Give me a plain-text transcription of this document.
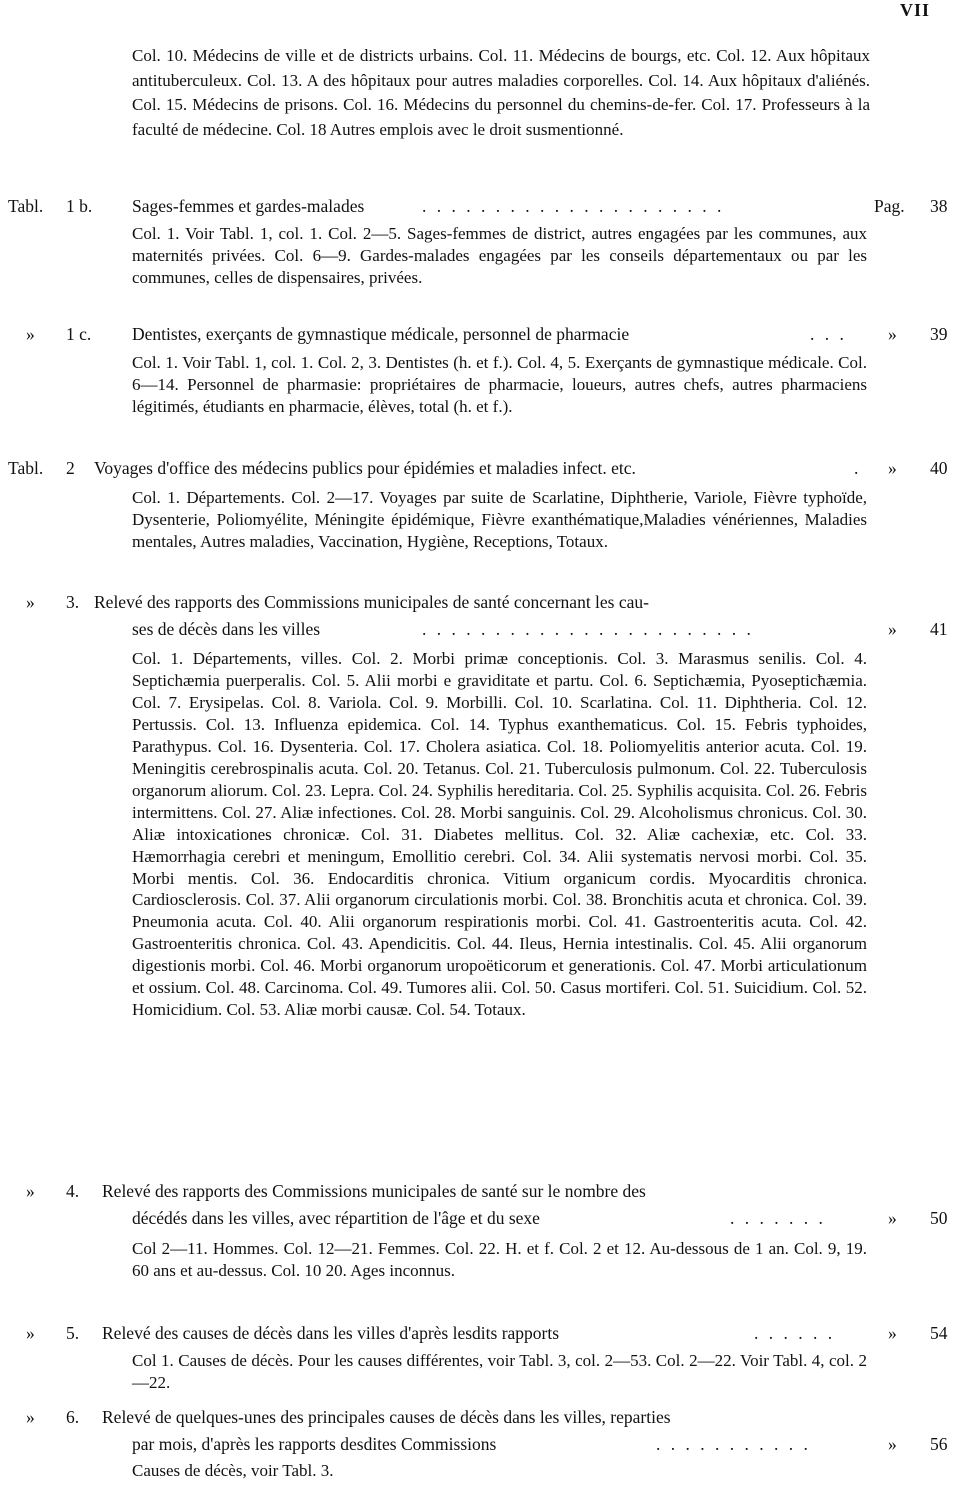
VII
Col. 10. Médecins de ville et de districts urbains. Col. 11. Médecins de bourgs, etc. Col. 12. Aux hôpitaux antituberculeux. Col. 13. A des hôpitaux pour autres maladies corporelles. Col. 14. Aux hôpitaux d'aliénés. Col. 15. Médecins de prisons. Col. 16. Médecins du personnel du chemins-de-fer. Col. 17. Professeurs à la faculté de médecine. Col. 18 Autres emplois avec le droit susmentionné.
Tabl. 1 b. Sages-femmes et gardes-malades	. . . . . . . . . . . . . . . . . . . . .	Pag. 38
Col. 1. Voir Tabl. 1, col. 1. Col. 2—5. Sages-femmes de district, autres engagées par les communes, aux maternités privées. Col. 6—9. Gardes-malades engagées par les conseils départementaux ou par les communes, celles de dispensaires, privées.
» 1 c. Dentistes, exerçants de gymnastique médicale, personnel de pharmacie	. . .	» 39
Col. 1. Voir Tabl. 1, col. 1. Col. 2, 3. Dentistes (h. et f.). Col. 4, 5. Exerçants de gymnastique médicale. Col. 6—14. Personnel de pharmasie: propriétaires de pharmacie, loueurs, autres chefs, autres pharmaciens légitimés, étudiants en pharmacie, élèves, total (h. et f.).
Tabl. 2 Voyages d'office des médecins publics pour épidémies et maladies infect. etc.	.	» 40
Col. 1. Départements. Col. 2—17. Voyages par suite de Scarlatine, Diphtherie, Variole, Fièvre typhoïde, Dysenterie, Poliomyélite, Méningite épidémique, Fièvre exanthématique,Maladies vénériennes, Maladies mentales, Autres maladies, Vaccination, Hygiène, Receptions, Totaux.
» 3. Relevé des rapports des Commissions municipales de santé concernant les cau-
ses de décès dans les villes	. . . . . . . . . . . . . . . . . . . . . . .	» 41
Col. 1. Départements, villes. Col. 2. Morbi primæ conceptionis. Col. 3. Marasmus senilis. Col. 4. Septichæmia puerperalis. Col. 5. Alii morbi e graviditate et partu. Col. 6. Septichæmia, Pyosepticħæmia. Col. 7. Erysipelas. Col. 8. Variola. Col. 9. Morbilli. Col. 10. Scarlatina. Col. 11. Diphtheria. Col. 12. Pertussis. Col. 13. Influenza epidemica. Col. 14. Typhus exanthematicus. Col. 15. Febris typhoides, Parathypus. Col. 16. Dysenteria. Col. 17. Cholera asiatica. Col. 18. Poliomyelitis anterior acuta. Col. 19. Meningitis cerebrospinalis acuta. Col. 20. Tetanus. Col. 21. Tuberculosis pulmonum. Col. 22. Tuberculosis organorum aliorum. Col. 23. Lepra. Col. 24. Syphilis hereditaria. Col. 25. Syphilis acquisita. Col. 26. Febris intermittens. Col. 27. Aliæ infectiones. Col. 28. Morbi sanguinis. Col. 29. Alcoholismus chronicus. Col. 30. Aliæ intoxicationes chronicæ. Col. 31. Diabetes mellitus. Col. 32. Aliæ cachexiæ, etc. Col. 33. Hæmorrhagia cerebri et meningum, Emollitio cerebri. Col. 34. Alii systematis nervosi morbi. Col. 35. Morbi mentis. Col. 36. Endocarditis chronica. Vitium organicum cordis. Myocarditis chronica. Cardiosclerosis. Col. 37. Alii organorum circulationis morbi. Col. 38. Bronchitis acuta et chronica. Col. 39. Pneumonia acuta. Col. 40. Alii organorum respirationis morbi. Col. 41. Gastroenteritis acuta. Col. 42. Gastroenteritis chronica. Col. 43. Apendicitis. Col. 44. Ileus, Hernia intestinalis. Col. 45. Alii organorum digestionis morbi. Col. 46. Morbi organorum uropoëticorum et generationis. Col. 47. Morbi articulationum et ossium. Col. 48. Carcinoma. Col. 49. Tumores alii. Col. 50. Casus mortiferi. Col. 51. Suicidium. Col. 52. Homicidium. Col. 53. Aliæ morbi causæ. Col. 54. Totaux.
» 4. Relevé des rapports des Commissions municipales de santé sur le nombre des
décédés dans les villes, avec répartition de l'âge et du sexe	. . . . . . .	» 50
Col 2—11. Hommes. Col. 12—21. Femmes. Col. 22. H. et f. Col. 2 et 12. Au-dessous de 1 an. Col. 9, 19. 60 ans et au-dessus. Col. 10 20. Ages inconnus.
» 5. Relevé des causes de décès dans les villes d'après lesdits rapports	. . . . . .	» 54
Col 1. Causes de décès. Pour les causes différentes, voir Tabl. 3, col. 2—53. Col. 2—22. Voir Tabl. 4, col. 2—22.
» 6. Relevé de quelques-unes des principales causes de décès dans les villes, reparties
par mois, d'après les rapports desdites Commissions	. . . . . . . . . . .	» 56
Causes de décès, voir Tabl. 3.
